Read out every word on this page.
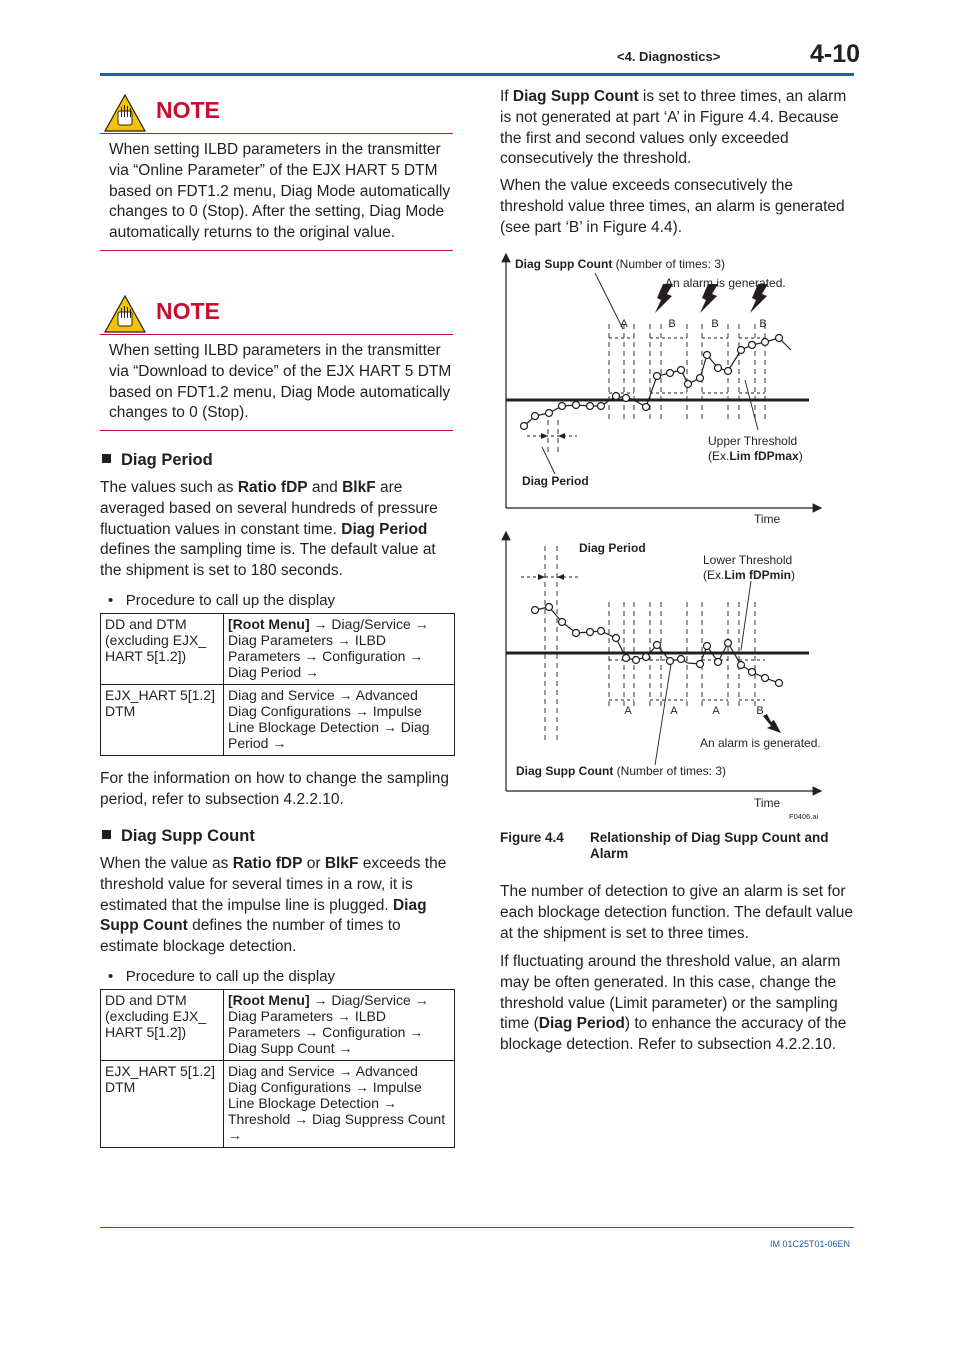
<4. Diagnostics>	4-10
NOTE
When setting ILBD parameters in the transmitter via “Online Parameter” of the EJX HART 5 DTM based on FDT1.2 menu, Diag Mode automatically changes to 0 (Stop). After the setting, Diag Mode automatically returns to the original value.
NOTE
When setting ILBD parameters in the transmitter via “Download to device” of the EJX HART 5 DTM based on FDT1.2 menu, Diag Mode automatically changes to 0 (Stop).
Diag Period
The values such as Ratio fDP and BlkF are averaged based on several hundreds of pressure fluctuation values in constant time. Diag Period defines the sampling time is. The default value at the shipment is set to 180 seconds.
•   Procedure to call up the display
DD and DTM (excluding EJX_ HART 5[1.2])	[Root Menu] → Diag/Service → Diag Parameters → ILBD Parameters → Configuration → Diag Period →
EJX_HART 5[1.2] DTM	Diag and Service → Advanced Diag Configurations → Impulse Line Blockage Detection → Diag Period →
For the information on how to change the sampling period, refer to subsection 4.2.2.10.
Diag Supp Count
When the value as Ratio fDP or BlkF exceeds the threshold value for several times in a row, it is estimated that the impulse line is plugged. Diag Supp Count defines the number of times to estimate blockage detection.
•   Procedure to call up the display
DD and DTM (excluding EJX_ HART 5[1.2])	[Root Menu] → Diag/Service → Diag Parameters → ILBD Parameters → Configuration → Diag Supp Count →
EJX_HART 5[1.2] DTM	Diag and Service → Advanced Diag Configurations → Impulse Line Blockage Detection → Threshold → Diag Suppress Count →
If Diag Supp Count is set to three times, an alarm is not generated at part ‘A’ in Figure 4.4. Because the first and second values only exceeded consecutively the threshold.
When the value exceeds consecutively the threshold value three times, an alarm is generated (see part ‘B’ in Figure 4.4).
Diag Supp Count (Number of times: 3)
An alarm is generated.
A	B	B	B
Upper Threshold
(Ex.Lim fDPmax)
Diag Period
Time
Diag Period
Lower Threshold
(Ex.Lim fDPmin)
A	A	A	B
An alarm is generated.
Diag Supp Count (Number of times: 3)
Time
F0406.ai
Figure 4.4 Relationship of Diag Supp Count and Alarm
The number of detection to give an alarm is set for each blockage detection function. The default value at the shipment is set to three times.
If fluctuating around the threshold value, an alarm may be often generated. In this case, change the threshold value (Limit parameter) or the sampling time (Diag Period) to enhance the accuracy of the blockage detection. Refer to subsection 4.2.2.10.
IM 01C25T01-06EN
